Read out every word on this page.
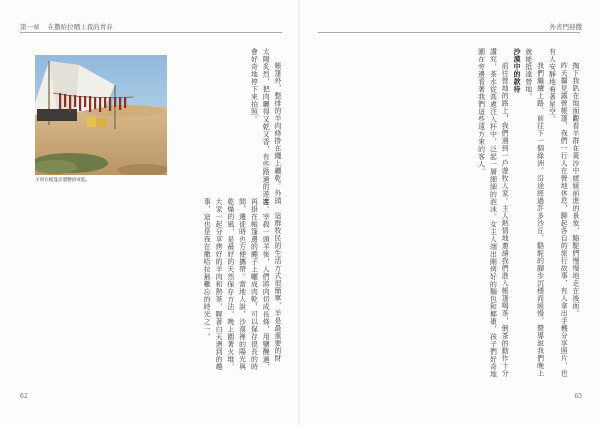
第一章 在撒哈拉晒上我的青春
羊肉在帳篷旁邊懸掛成乾。	帳篷外，整排的羊肉條掛在繩上曬乾。外頭太陽炙烈，把肉曬得又乾又香，有些路過的遊客會好奇地停下來拍照。

這群牧民的生活方式很簡單，羊是最重要的財產。宰殺一頭羊後，人們將肉切成長條，用鹽醃過，再掛在帳篷邊的繩子上曬成肉乾，可以保存很長的時間，遷徙時也方便攜帶。當地人說，沙漠裡的陽光與乾燥的風，是最好的天然保存方法。晚上圍著火堆，大家一起分享烤好的羊肉和熱茶，聊著白天遇到的趣事，這也是我在撒哈拉最難忘的時光之一。

62
外省門迎撒

掏下我趴在地面觀看羊群在黃沙中緩緩前進的景象，駱駝們慢慢地走在後面。

昨天攝見露營帳篷，我們一行人在營地休息，聊起各自的旅行故事，有人拿出手機分享照片，也有人安靜地看著星空。

我們繼續上路，前往下一個綠洲。沿途經過許多沙丘，駱駝的腳步沉穩而緩慢，嚮導說我們晚上就能抵達營地。

沙漠中的款待

前往營地的路上，我們遇到一戶遊牧人家。主人熱情地邀請我們進入帳篷喝茶，倒茶的動作十分講究，茶水從高處注入杯中，泛起一層細細的泡沫。女主人端出剛烤好的麵包和椰棗，孩子們好奇地圍在旁邊看著我們這些遠方來的客人。

63
